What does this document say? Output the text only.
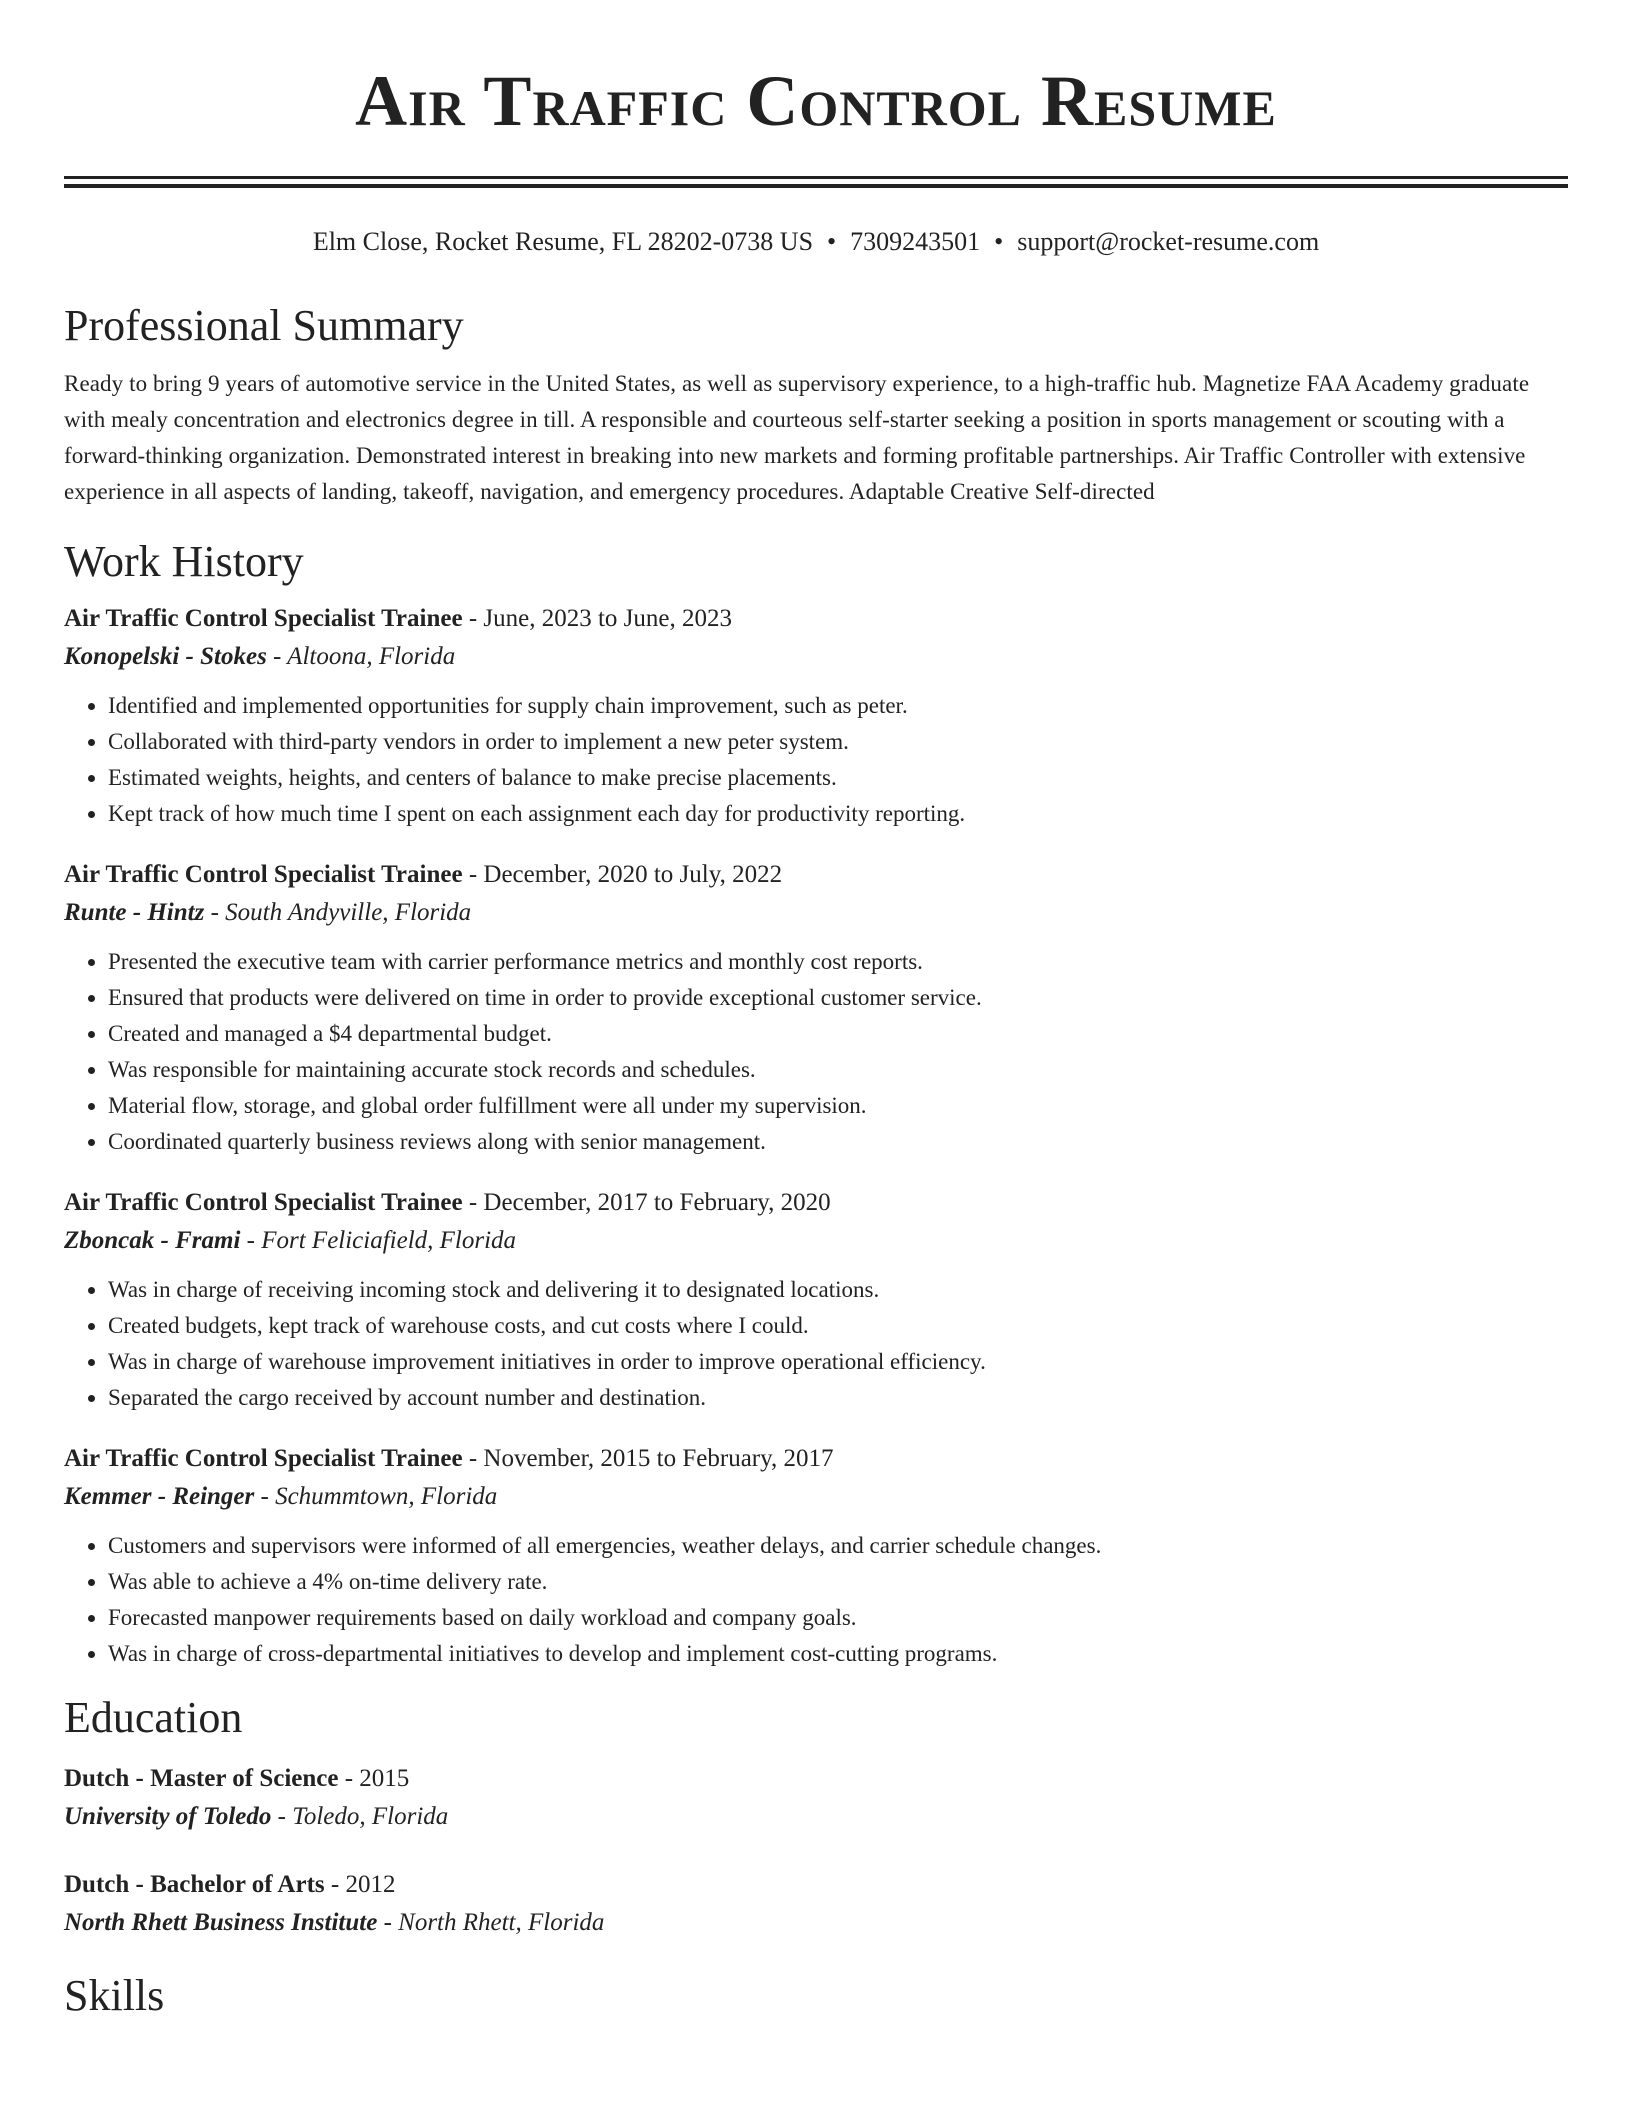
Air Traffic Control Resume
Elm Close, Rocket Resume, FL 28202-0738 US • 7309243501 • support@rocket-resume.com
Professional Summary
Ready to bring 9 years of automotive service in the United States, as well as supervisory experience, to a high-traffic hub. Magnetize FAA Academy graduate with mealy concentration and electronics degree in till. A responsible and courteous self-starter seeking a position in sports management or scouting with a forward-thinking organization. Demonstrated interest in breaking into new markets and forming profitable partnerships. Air Traffic Controller with extensive experience in all aspects of landing, takeoff, navigation, and emergency procedures. Adaptable Creative Self-directed
Work History
Air Traffic Control Specialist Trainee - June, 2023 to June, 2023
Konopelski - Stokes - Altoona, Florida
• Identified and implemented opportunities for supply chain improvement, such as peter.
• Collaborated with third-party vendors in order to implement a new peter system.
• Estimated weights, heights, and centers of balance to make precise placements.
• Kept track of how much time I spent on each assignment each day for productivity reporting.
Air Traffic Control Specialist Trainee - December, 2020 to July, 2022
Runte - Hintz - South Andyville, Florida
• Presented the executive team with carrier performance metrics and monthly cost reports.
• Ensured that products were delivered on time in order to provide exceptional customer service.
• Created and managed a $4 departmental budget.
• Was responsible for maintaining accurate stock records and schedules.
• Material flow, storage, and global order fulfillment were all under my supervision.
• Coordinated quarterly business reviews along with senior management.
Air Traffic Control Specialist Trainee - December, 2017 to February, 2020
Zboncak - Frami - Fort Feliciafield, Florida
• Was in charge of receiving incoming stock and delivering it to designated locations.
• Created budgets, kept track of warehouse costs, and cut costs where I could.
• Was in charge of warehouse improvement initiatives in order to improve operational efficiency.
• Separated the cargo received by account number and destination.
Air Traffic Control Specialist Trainee - November, 2015 to February, 2017
Kemmer - Reinger - Schummtown, Florida
• Customers and supervisors were informed of all emergencies, weather delays, and carrier schedule changes.
• Was able to achieve a 4% on-time delivery rate.
• Forecasted manpower requirements based on daily workload and company goals.
• Was in charge of cross-departmental initiatives to develop and implement cost-cutting programs.
Education
Dutch - Master of Science - 2015
University of Toledo - Toledo, Florida
Dutch - Bachelor of Arts - 2012
North Rhett Business Institute - North Rhett, Florida
Skills
